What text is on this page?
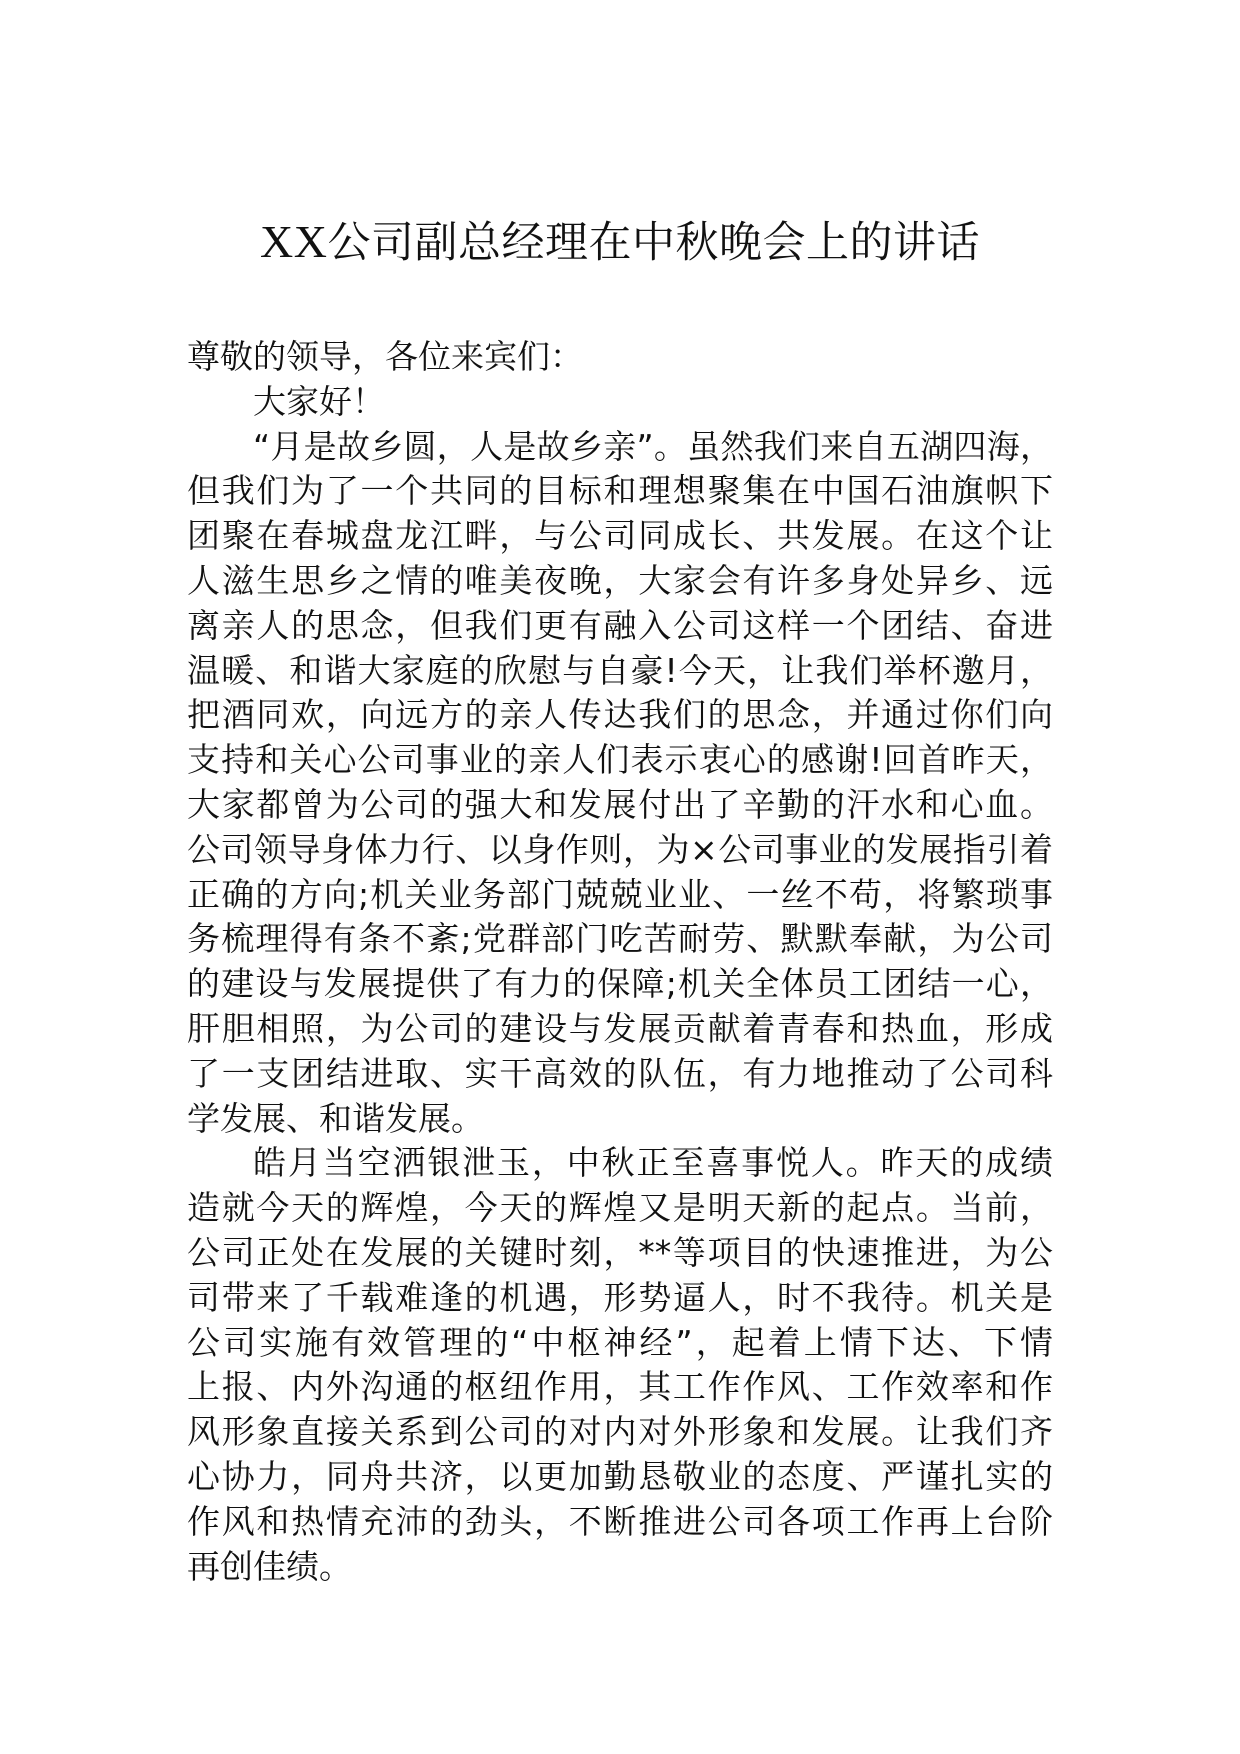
XX公司副总经理在中秋晚会上的讲话

尊敬的领导，各位来宾们：

大家好！

“月是故乡圆，人是故乡亲”。虽然我们来自五湖四海，
但我们为了一个共同的目标和理想聚集在中国石油旗帜下
团聚在春城盘龙江畔，与公司同成长、共发展。在这个让
人滋生思乡之情的唯美夜晚，大家会有许多身处异乡、远
离亲人的思念，但我们更有融入公司这样一个团结、奋进
温暖、和谐大家庭的欣慰与自豪!今天，让我们举杯邀月，
把酒同欢，向远方的亲人传达我们的思念，并通过你们向
支持和关心公司事业的亲人们表示衷心的感谢!回首昨天，
大家都曾为公司的强大和发展付出了辛勤的汗水和心血。
公司领导身体力行、以身作则，为×公司事业的发展指引着
正确的方向;机关业务部门兢兢业业、一丝不苟，将繁琐事
务梳理得有条不紊;党群部门吃苦耐劳、默默奉献，为公司
的建设与发展提供了有力的保障;机关全体员工团结一心，
肝胆相照，为公司的建设与发展贡献着青春和热血，形成
了一支团结进取、实干高效的队伍，有力地推动了公司科
学发展、和谐发展。

皓月当空洒银泄玉，中秋正至喜事悦人。昨天的成绩
造就今天的辉煌，今天的辉煌又是明天新的起点。当前，
公司正处在发展的关键时刻，**等项目的快速推进，为公
司带来了千载难逢的机遇，形势逼人，时不我待。机关是
公司实施有效管理的“中枢神经”，起着上情下达、下情
上报、内外沟通的枢纽作用，其工作作风、工作效率和作
风形象直接关系到公司的对内对外形象和发展。让我们齐
心协力，同舟共济，以更加勤恳敬业的态度、严谨扎实的
作风和热情充沛的劲头，不断推进公司各项工作再上台阶
再创佳绩。
